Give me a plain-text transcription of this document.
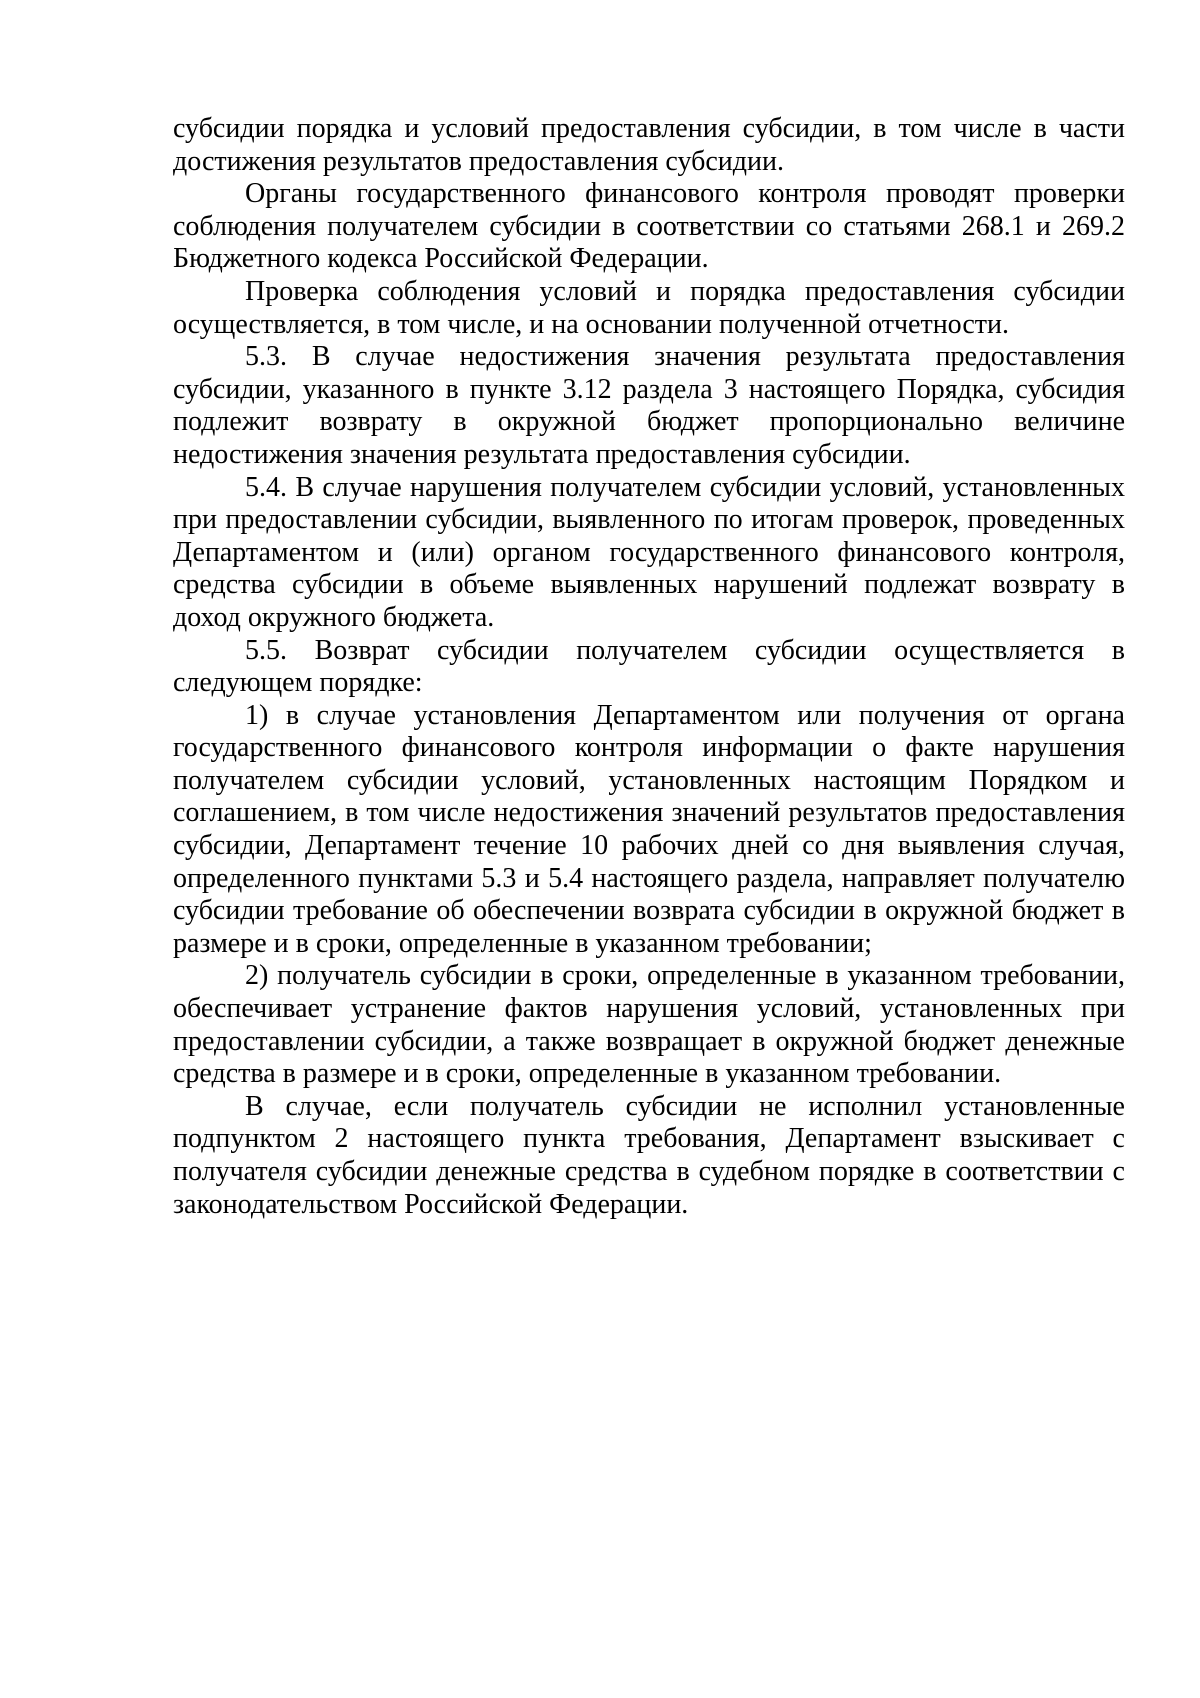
субсидии порядка и условий предоставления субсидии, в том числе в части достижения результатов предоставления субсидии.

Органы государственного финансового контроля проводят проверки соблюдения получателем субсидии в соответствии со статьями 268.1 и 269.2 Бюджетного кодекса Российской Федерации.

Проверка соблюдения условий и порядка предоставления субсидии осуществляется, в том числе, и на основании полученной отчетности.

5.3. В случае недостижения значения результата предоставления субсидии, указанного в пункте 3.12 раздела 3 настоящего Порядка, субсидия подлежит возврату в окружной бюджет пропорционально величине недостижения значения результата предоставления субсидии.

5.4. В случае нарушения получателем субсидии условий, установленных при предоставлении субсидии, выявленного по итогам проверок, проведенных Департаментом и (или) органом государственного финансового контроля, средства субсидии в объеме выявленных нарушений подлежат возврату в доход окружного бюджета.

5.5. Возврат субсидии получателем субсидии осуществляется в следующем порядке:

1) в случае установления Департаментом или получения от органа государственного финансового контроля информации о факте нарушения получателем субсидии условий, установленных настоящим Порядком и соглашением, в том числе недостижения значений результатов предоставления субсидии, Департамент течение 10 рабочих дней со дня выявления случая, определенного пунктами 5.3 и 5.4 настоящего раздела, направляет получателю субсидии требование об обеспечении возврата субсидии в окружной бюджет в размере и в сроки, определенные в указанном требовании;

2) получатель субсидии в сроки, определенные в указанном требовании, обеспечивает устранение фактов нарушения условий, установленных при предоставлении субсидии, а также возвращает в окружной бюджет денежные средства в размере и в сроки, определенные в указанном требовании.

В случае, если получатель субсидии не исполнил установленные подпунктом 2 настоящего пункта требования, Департамент взыскивает с получателя субсидии денежные средства в судебном порядке в соответствии с законодательством Российской Федерации.
